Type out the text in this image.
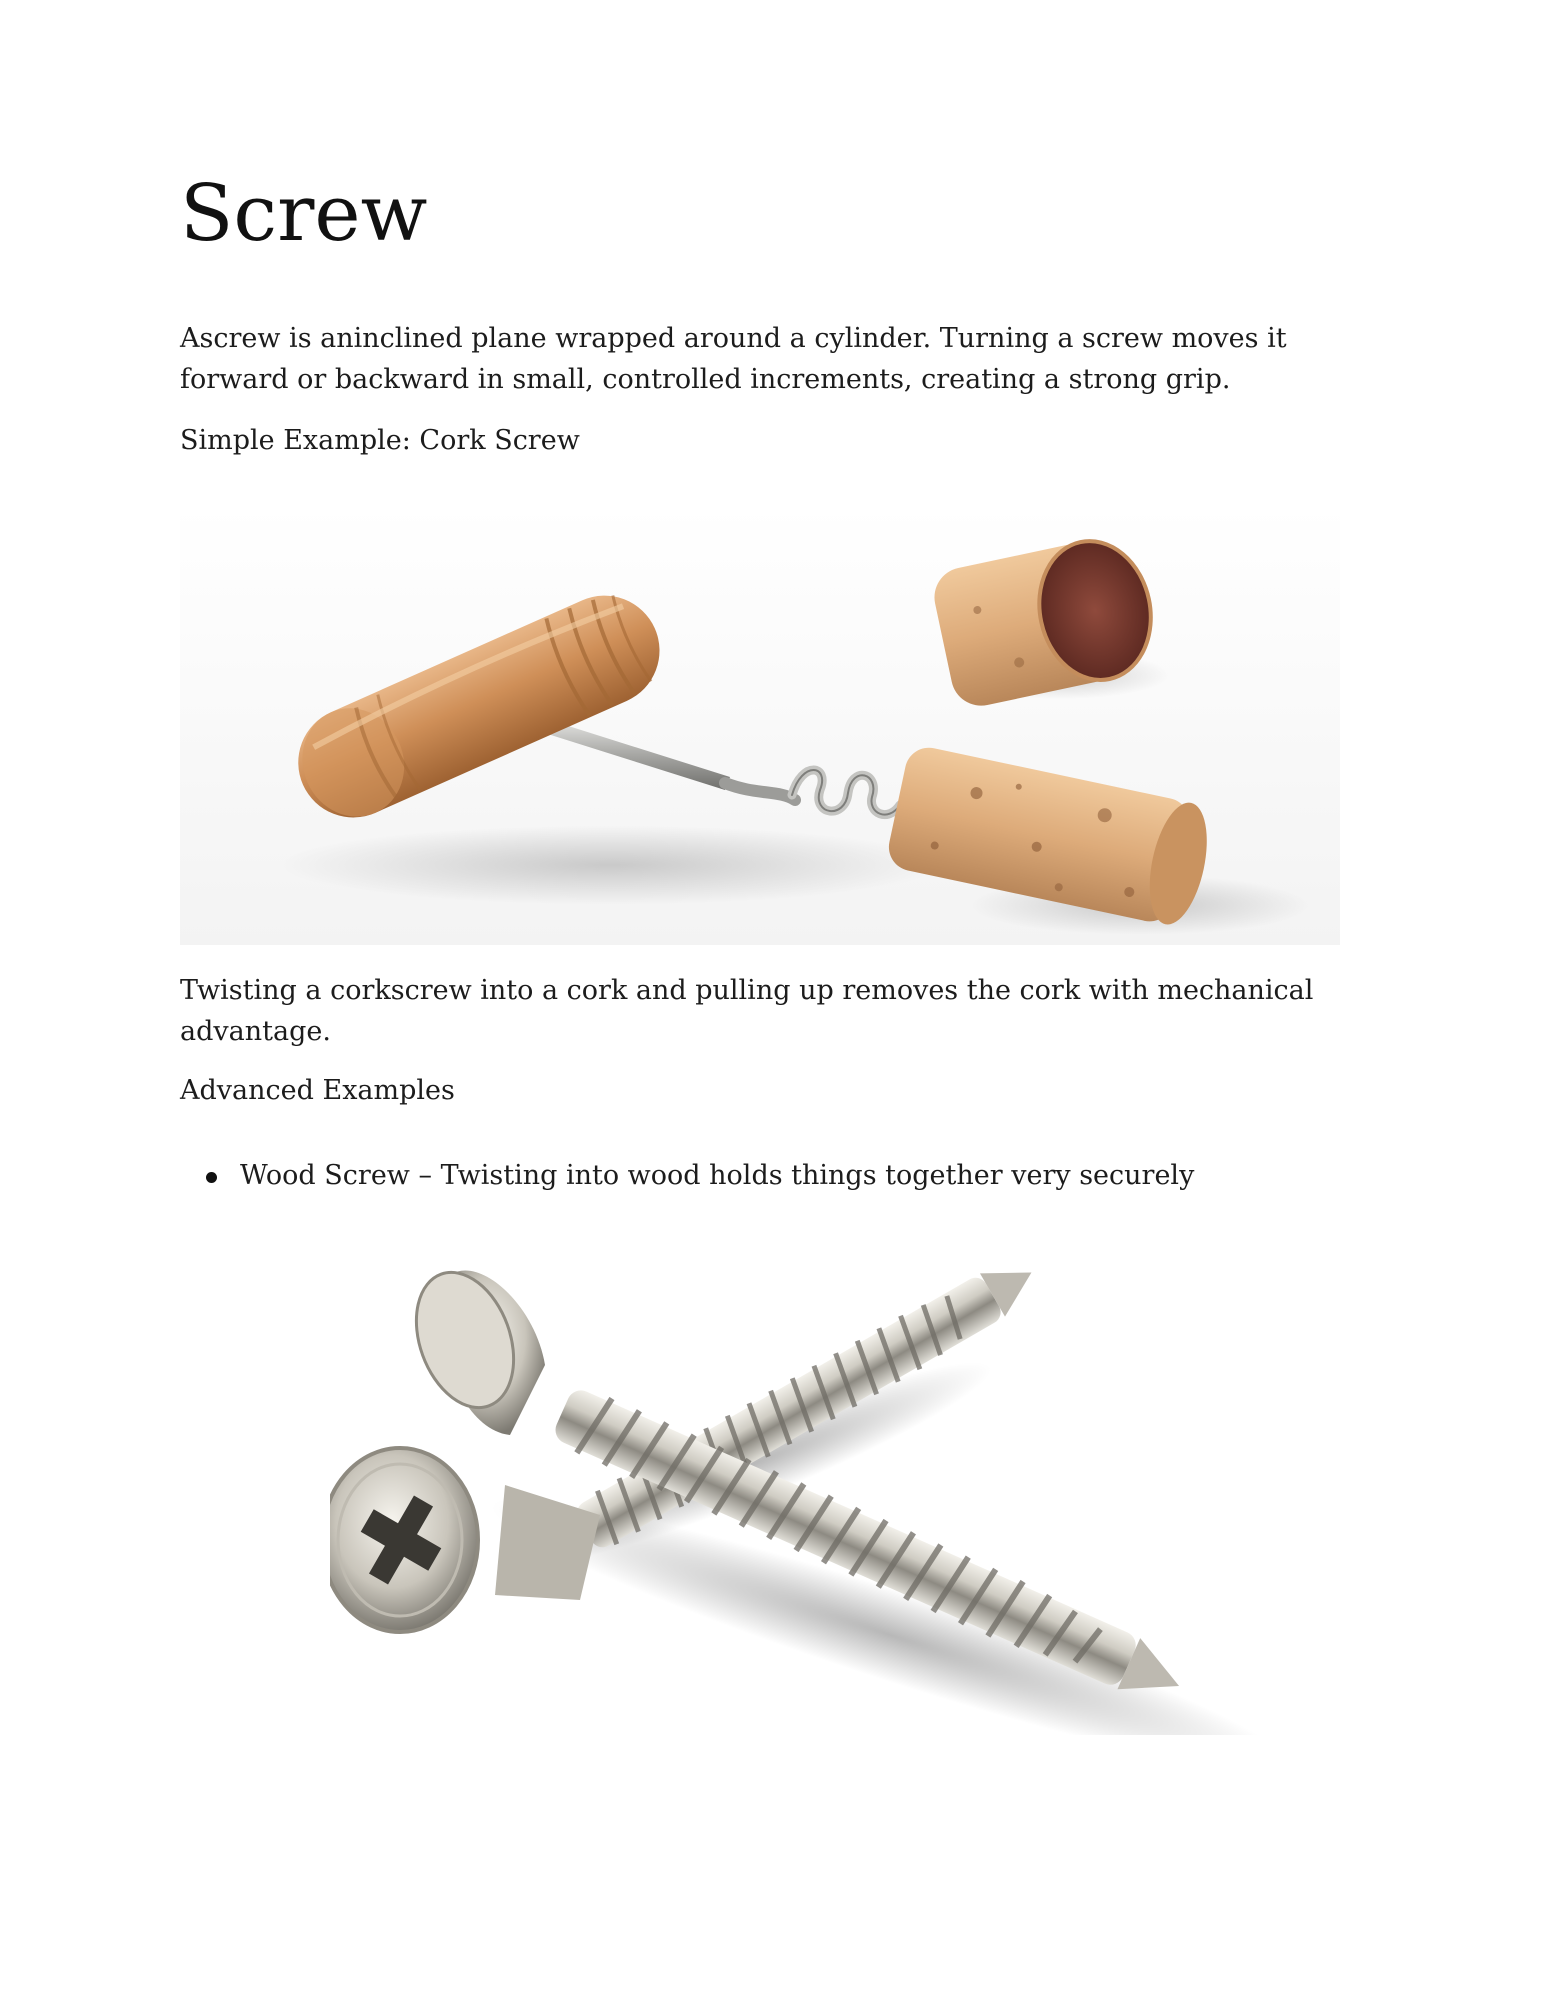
Screw

Ascrew is aninclined plane wrapped around a cylinder. Turning a screw moves it forward or backward in small, controlled increments, creating a strong grip.

Simple Example: Cork Screw

Twisting a corkscrew into a cork and pulling up removes the cork with mechanical advantage.

Advanced Examples

Wood Screw – Twisting into wood holds things together very securely
